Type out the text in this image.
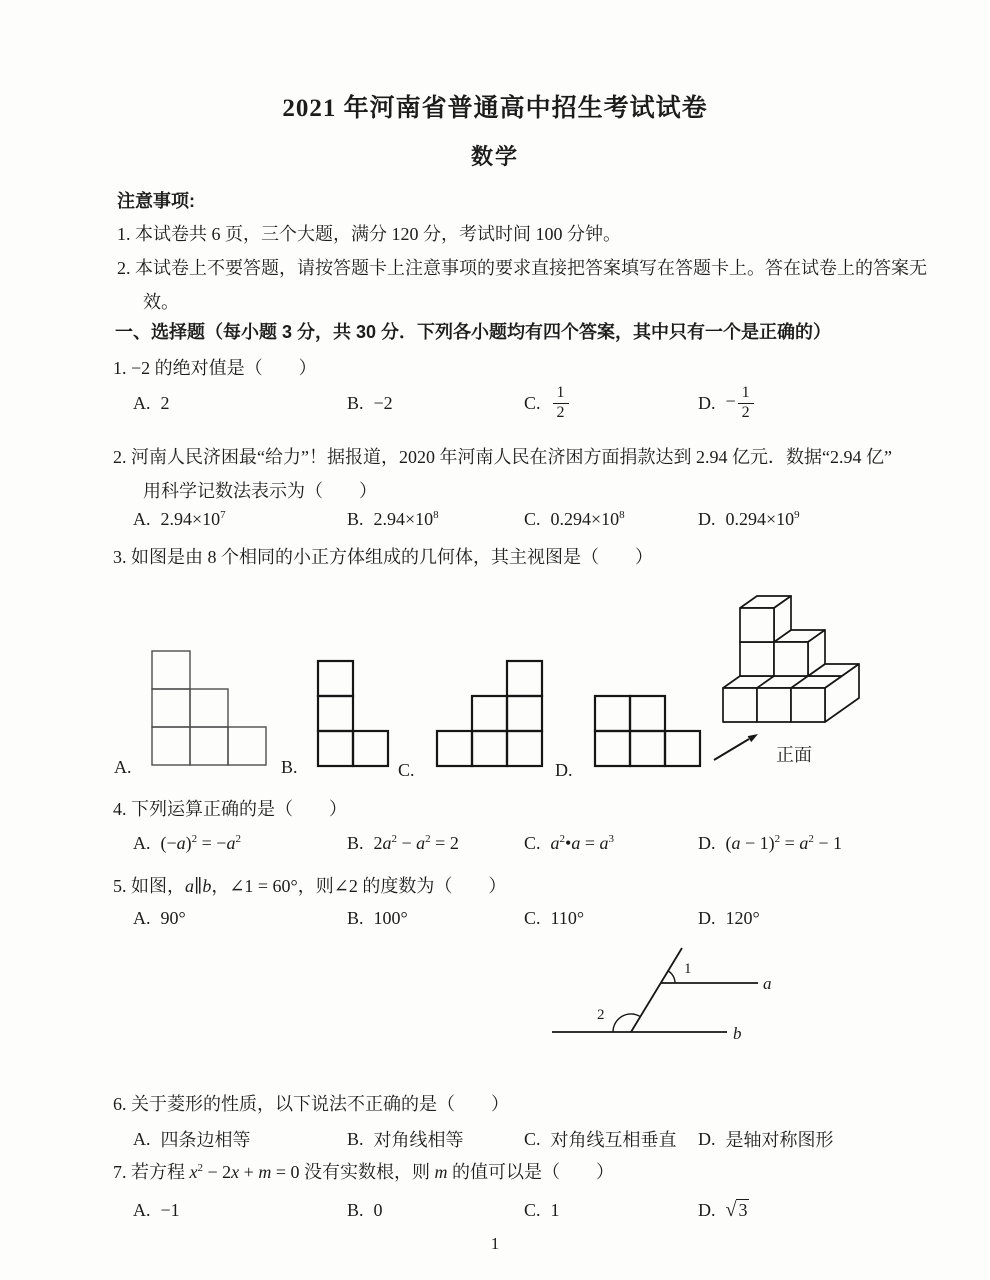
2021 年河南省普通高中招生考试试卷
数学
注意事项:
1. 本试卷共 6 页，三个大题，满分 120 分，考试时间 100 分钟。
2. 本试卷上不要答题，请按答题卡上注意事项的要求直接把答案填写在答题卡上。答在试卷上的答案无
效。
一、选择题（每小题 3 分，共 30 分．下列各小题均有四个答案，其中只有一个是正确的）
1. −2 的绝对值是（　　）
A. 2	B. −2	C. $\frac{1}{2}$	D. − $\frac{1}{2}$
2. 河南人民济困最“给力”！据报道，2020 年河南人民在济困方面捐款达到 2.94 亿元．数据“2.94 亿”
用科学记数法表示为（　　）
A. $2.94\times 10^7$	B. $2.94\times 10^8$	C. $0.294\times 10^8$	D. $0.294\times 10^9$
3. 如图是由 8 个相同的小正方体组成的几何体，其主视图是（　　）
A.	B.	C.	D.
正面
4. 下列运算正确的是（　　）
A. $(-a)^2 = -a^2$	B. $2a^2 - a^2 = 2$	C. $a^2•a = a^3$	D. $(a - 1)^2 = a^2 - 1$
5. 如图，a∥b，∠1 = 60°，则∠2 的度数为（　　）
A. 90°	B. 100°	C. 110°	D. 120°
1
2
a
b
6. 关于菱形的性质，以下说法不正确的是（　　）
A. 四条边相等	B. 对角线相等	C. 对角线互相垂直 D. 是轴对称图形
7. 若方程 $x^2 - 2x + m = 0$ 没有实数根，则 m 的值可以是（　　）
A. −1	B. 0	C. 1	D. √ 3
1
